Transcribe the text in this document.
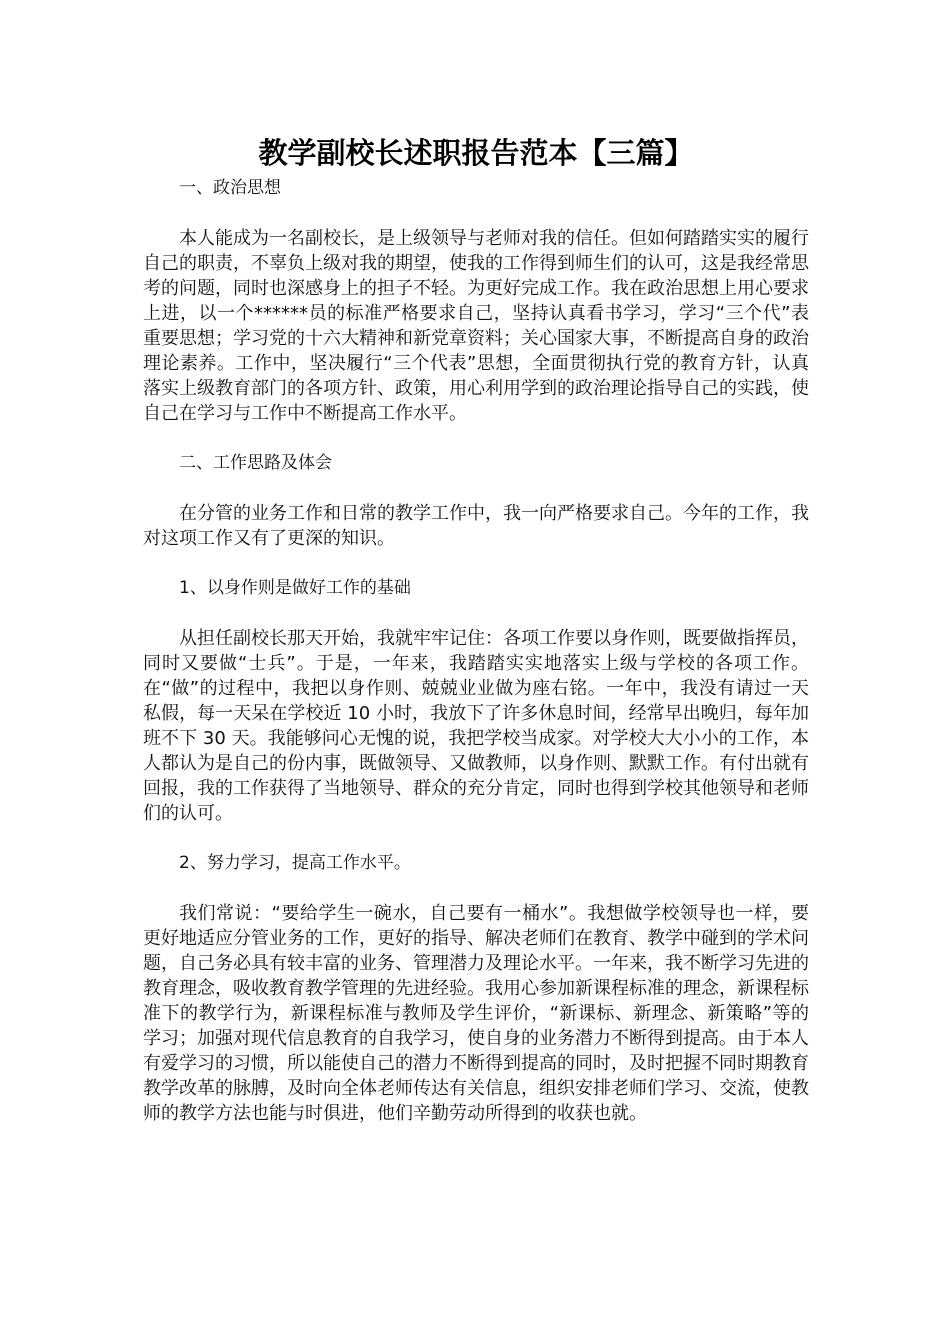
教学副校长述职报告范本【三篇】

一、政治思想

本人能成为一名副校长，是上级领导与老师对我的信任。但如何踏踏实实的履行自己的职责，不辜负上级对我的期望，使我的工作得到师生们的认可，这是我经常思考的问题，同时也深感身上的担子不轻。为更好完成工作。我在政治思想上用心要求上进，以一个******员的标准严格要求自己，坚持认真看书学习，学习“三个代”表重要思想；学习党的十六大精神和新党章资料；关心国家大事，不断提高自身的政治理论素养。工作中，坚决履行“三个代表”思想，全面贯彻执行党的教育方针，认真落实上级教育部门的各项方针、政策，用心利用学到的政治理论指导自己的实践，使自己在学习与工作中不断提高工作水平。

二、工作思路及体会

在分管的业务工作和日常的教学工作中，我一向严格要求自己。今年的工作，我对这项工作又有了更深的知识。

1、以身作则是做好工作的基础

从担任副校长那天开始，我就牢牢记住：各项工作要以身作则，既要做指挥员，同时又要做“士兵”。于是，一年来，我踏踏实实地落实上级与学校的各项工作。在“做”的过程中，我把以身作则、兢兢业业做为座右铭。一年中，我没有请过一天私假，每一天呆在学校近 10 小时，我放下了许多休息时间，经常早出晚归，每年加班不下 30 天。我能够问心无愧的说，我把学校当成家。对学校大大小小的工作，本人都认为是自己的份内事，既做领导、又做教师，以身作则、默默工作。有付出就有回报，我的工作获得了当地领导、群众的充分肯定，同时也得到学校其他领导和老师们的认可。

2、努力学习，提高工作水平。

我们常说：“要给学生一碗水，自己要有一桶水”。我想做学校领导也一样，要更好地适应分管业务的工作，更好的指导、解决老师们在教育、教学中碰到的学术问题，自己务必具有较丰富的业务、管理潜力及理论水平。一年来，我不断学习先进的教育理念，吸收教育教学管理的先进经验。我用心参加新课程标准的理念，新课程标准下的教学行为，新课程标准与教师及学生评价，“新课标、新理念、新策略”等的学习；加强对现代信息教育的自我学习，使自身的业务潜力不断得到提高。由于本人有爱学习的习惯，所以能使自己的潜力不断得到提高的同时，及时把握不同时期教育教学改革的脉膊，及时向全体老师传达有关信息，组织安排老师们学习、交流，使教师的教学方法也能与时俱进，他们辛勤劳动所得到的收获也就。
